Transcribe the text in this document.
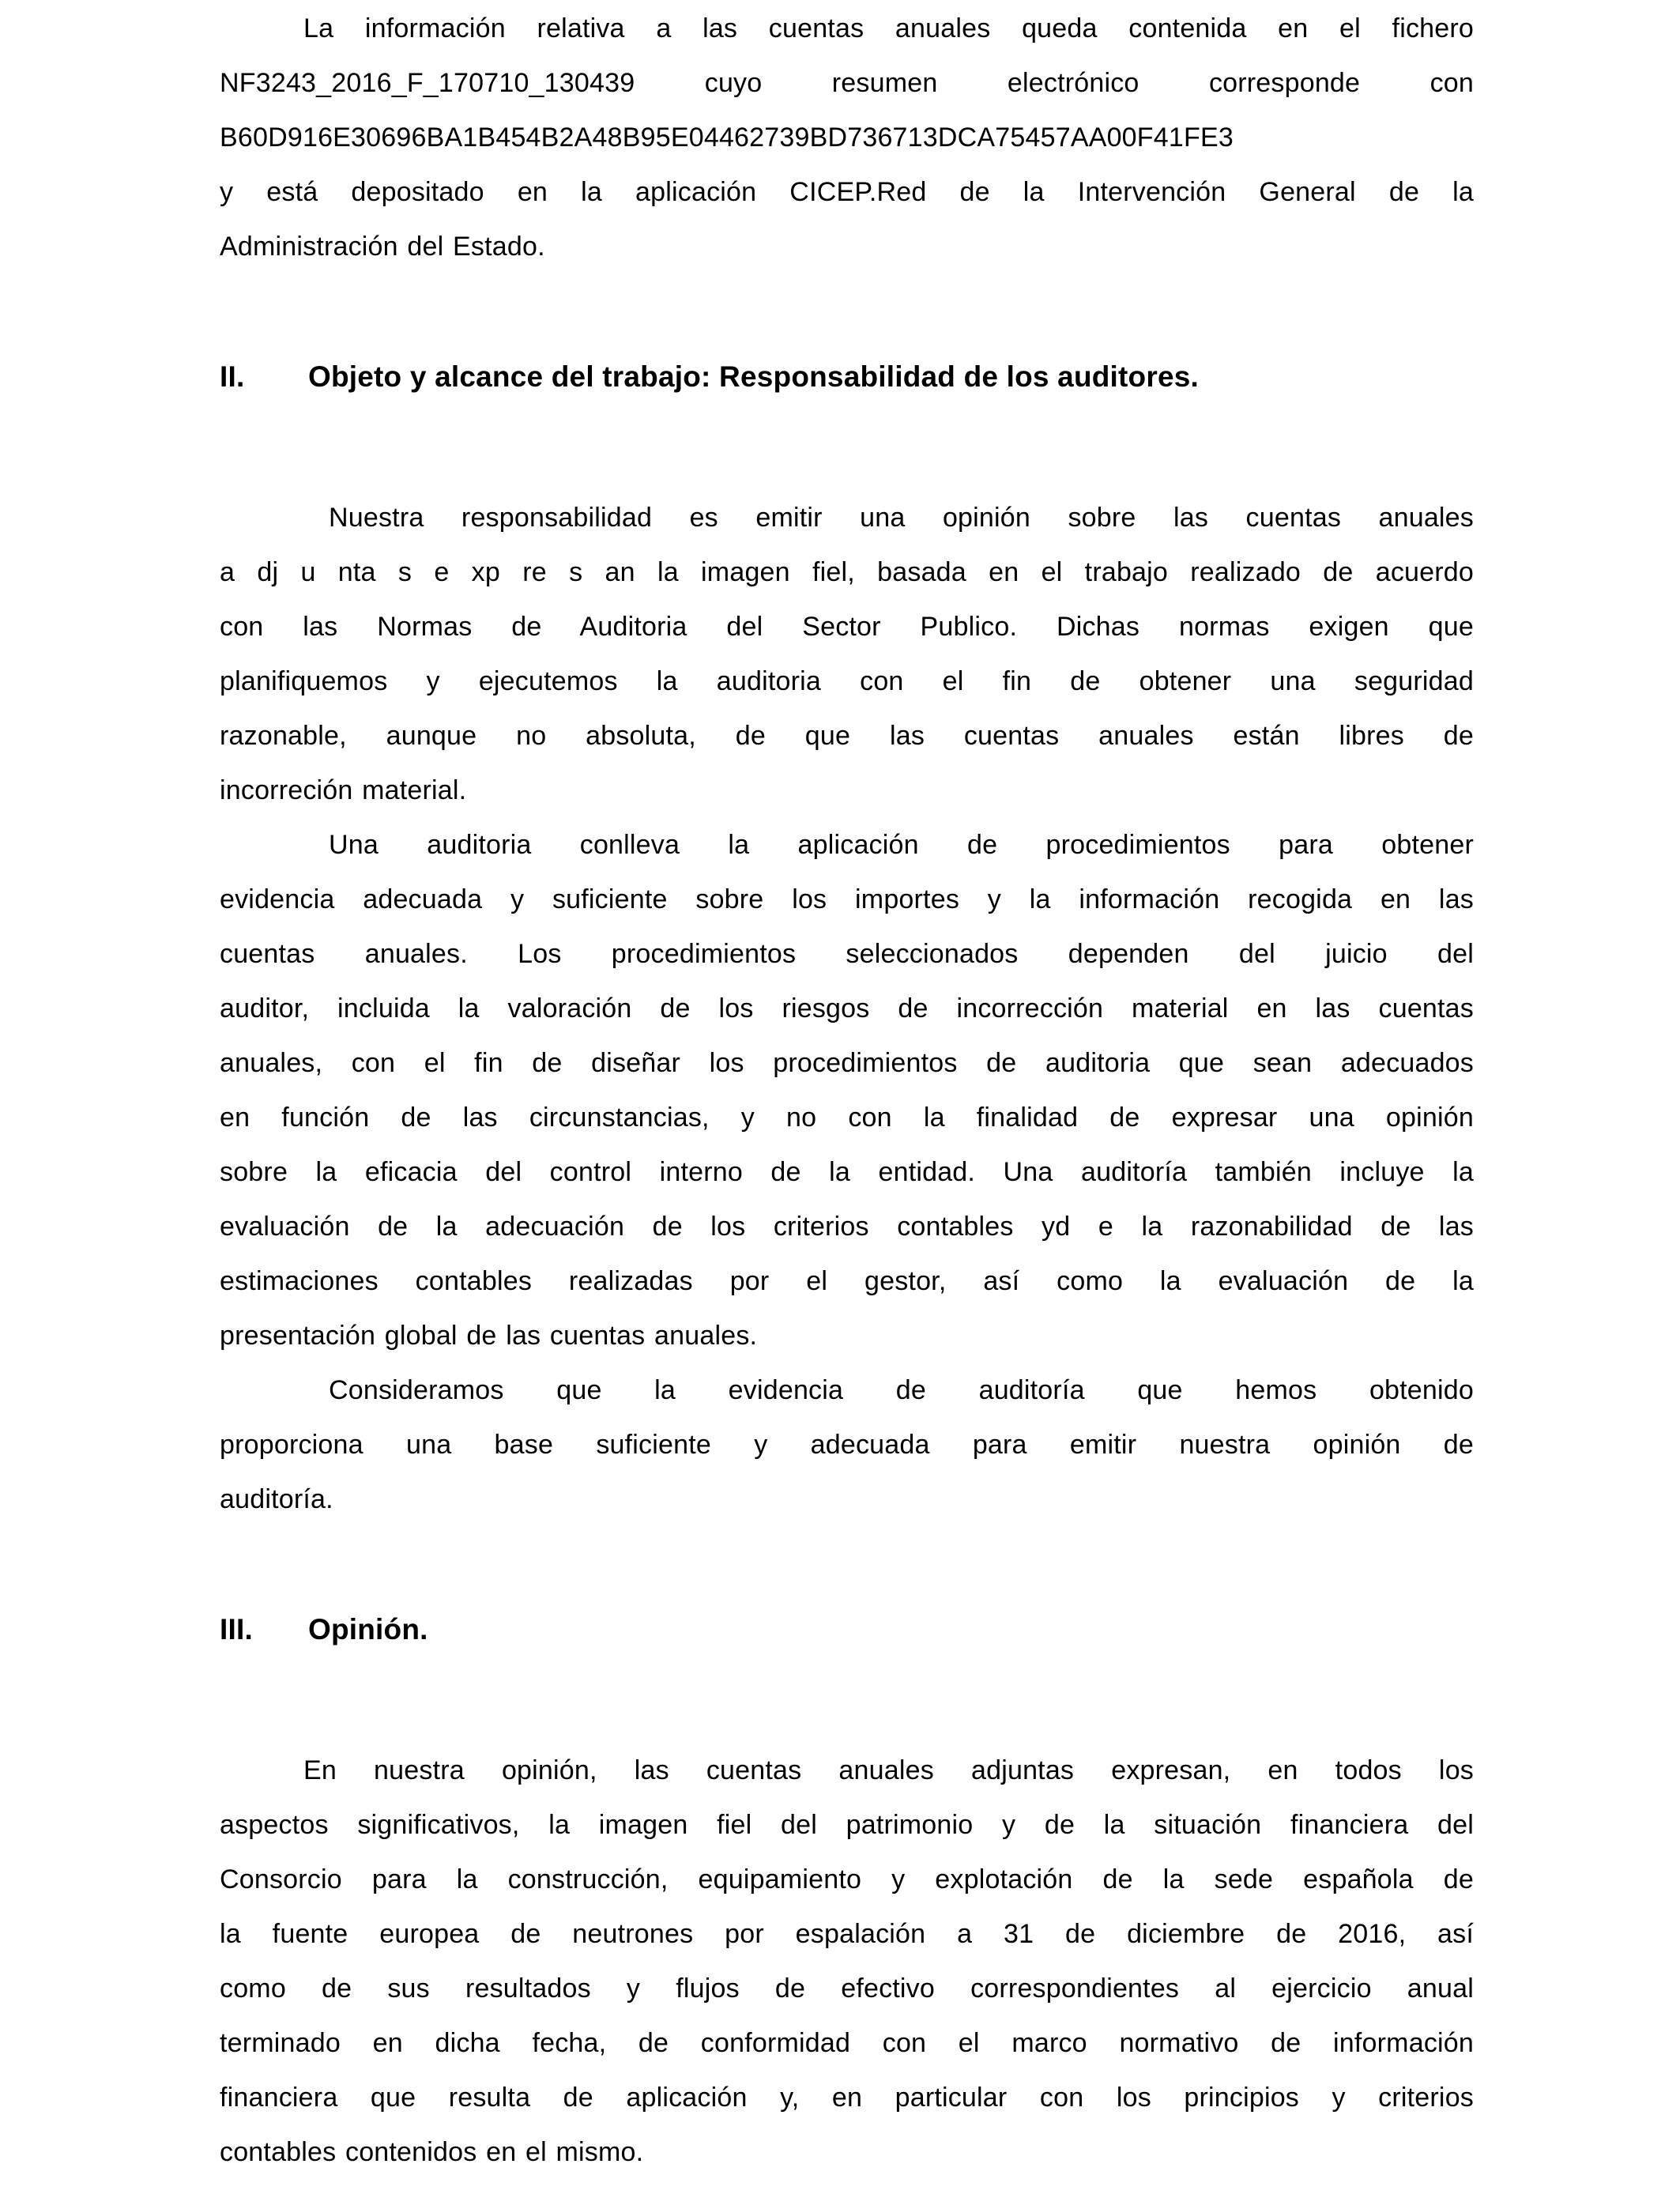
La información relativa a las cuentas anuales queda contenida en el fichero
NF3243_2016_F_170710_130439 cuyo resumen electrónico corresponde con
B60D916E30696BA1B454B2A48B95E04462739BD736713DCA75457AA00F41FE3
y está depositado en la aplicación CICEP.Red de la Intervención General de la
Administración del Estado.
II.	Objeto y alcance del trabajo: Responsabilidad de los auditores.
Nuestra responsabilidad es emitir una opinión sobre las cuentas anuales
a dj u nta s e xp re s an la imagen fiel, basada en el trabajo realizado de acuerdo
con las Normas de Auditoria del Sector Publico. Dichas normas exigen que
planifiquemos y ejecutemos la auditoria con el fin de obtener una seguridad
razonable, aunque no absoluta, de que las cuentas anuales están libres de
incorreción material.
Una auditoria conlleva la aplicación de procedimientos para obtener
evidencia adecuada y suficiente sobre los importes y la información recogida en las
cuentas anuales. Los procedimientos seleccionados dependen del juicio del
auditor, incluida la valoración de los riesgos de incorrección material en las cuentas
anuales, con el fin de diseñar los procedimientos de auditoria que sean adecuados
en función de las circunstancias, y no con la finalidad de expresar una opinión
sobre la eficacia del control interno de la entidad. Una auditoría también incluye la
evaluación de la adecuación de los criterios contables yd e la razonabilidad de las
estimaciones contables realizadas por el gestor, así como la evaluación de la
presentación global de las cuentas anuales.
Consideramos que la evidencia de auditoría que hemos obtenido
proporciona una base suficiente y adecuada para emitir nuestra opinión de
auditoría.
III.	Opinión.
En nuestra opinión, las cuentas anuales adjuntas expresan, en todos los
aspectos significativos, la imagen fiel del patrimonio y de la situación financiera del
Consorcio para la construcción, equipamiento y explotación de la sede española de
la fuente europea de neutrones por espalación a 31 de diciembre de 2016, así
como de sus resultados y flujos de efectivo correspondientes al ejercicio anual
terminado en dicha fecha, de conformidad con el marco normativo de información
financiera que resulta de aplicación y, en particular con los principios y criterios
contables contenidos en el mismo.
